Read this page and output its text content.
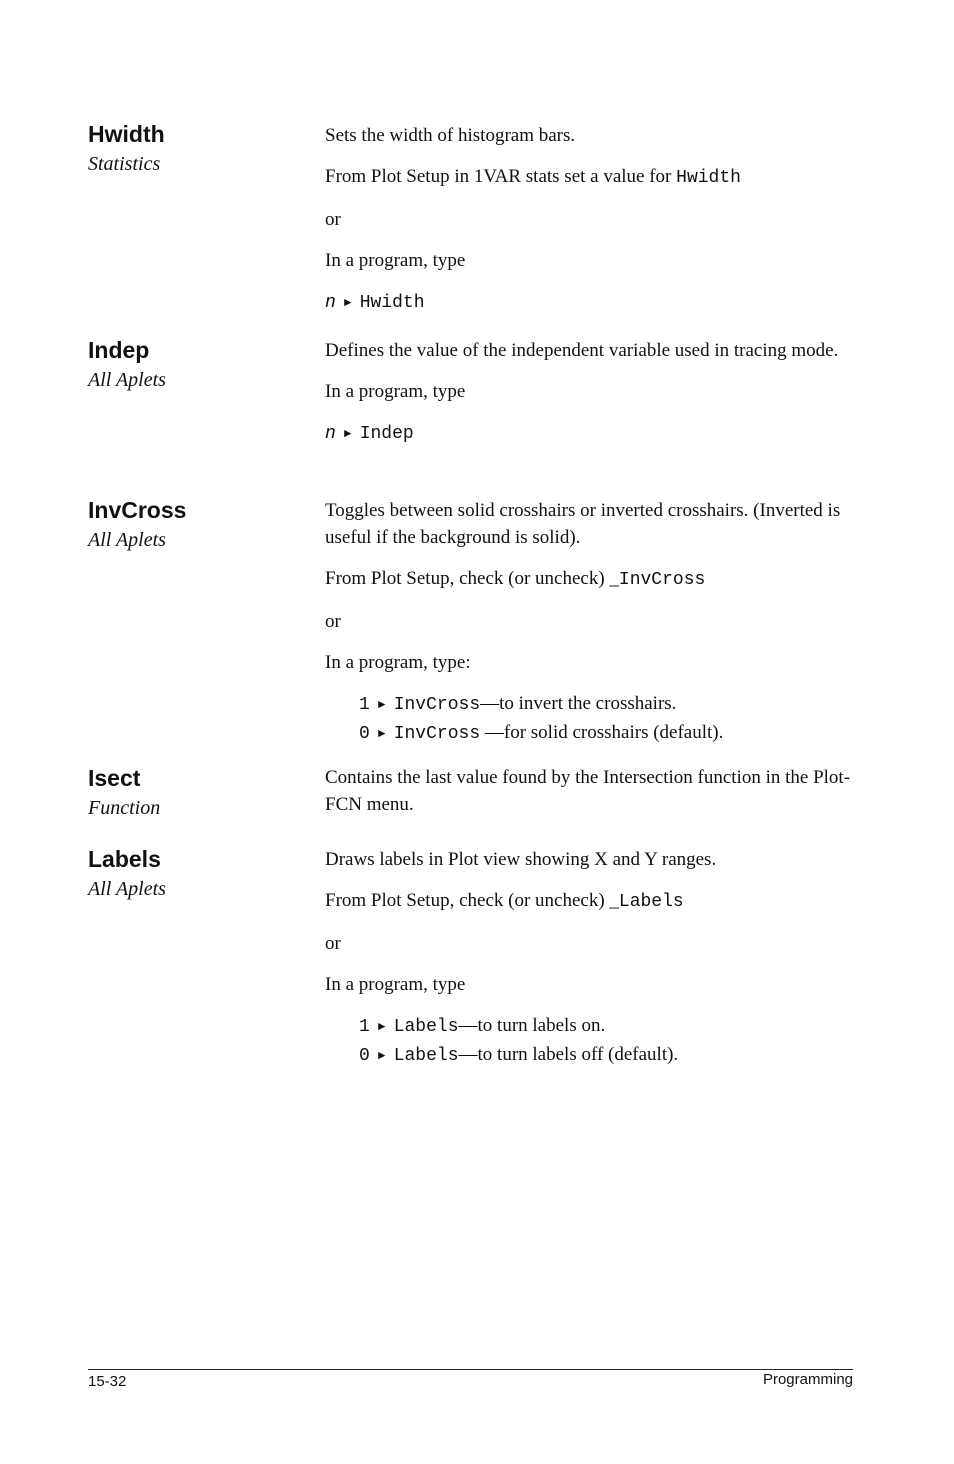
Hwidth
Statistics

Sets the width of histogram bars.

From Plot Setup in 1VAR stats set a value for Hwidth

or

In a program, type

n ► Hwidth

Indep
All Aplets

Defines the value of the independent variable used in tracing mode.

In a program, type

n ► Indep

InvCross
All Aplets

Toggles between solid crosshairs or inverted crosshairs. (Inverted is useful if the background is solid).

From Plot Setup, check (or uncheck) _InvCross

or

In a program, type:

1 ► InvCross—to invert the crosshairs.
0 ► InvCross —for solid crosshairs (default).
Isect
Function

Contains the last value found by the Intersection function in the Plot-FCN menu.

Labels
All Aplets

Draws labels in Plot view showing X and Y ranges.

From Plot Setup, check (or uncheck) _Labels

or

In a program, type

1 ► Labels—to turn labels on.
0 ► Labels—to turn labels off (default).
15-32	Programming
